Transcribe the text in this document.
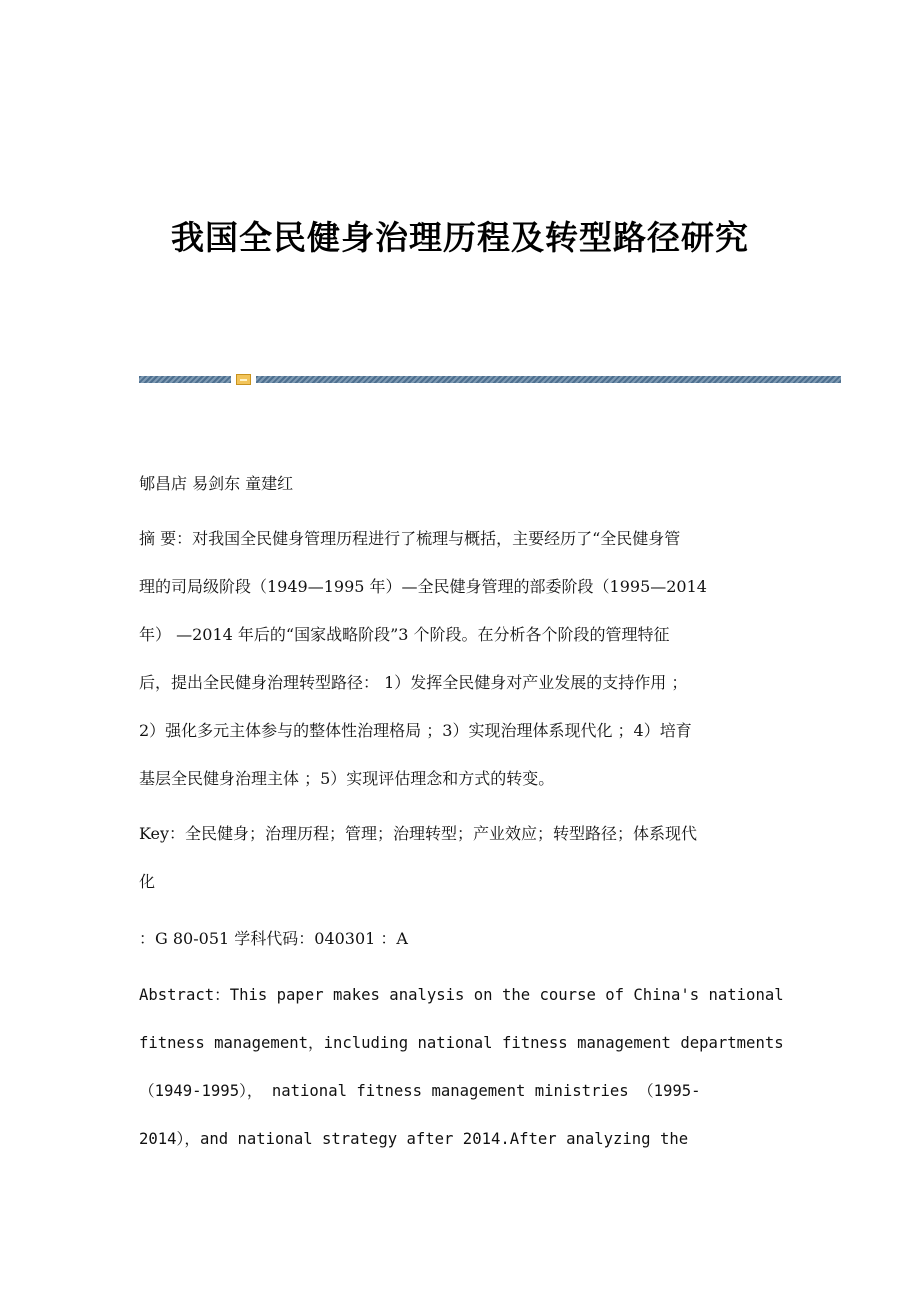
我国全民健身治理历程及转型路径研究
郇昌店 易剑东 童建红
摘 要：对我国全民健身管理历程进行了梳理与概括，主要经历了“全民健身管
理的司局级阶段（1949—1995 年）—全民健身管理的部委阶段（1995—2014
年） —2014 年后的“国家战略阶段”3 个阶段。在分析各个阶段的管理特征
后，提出全民健身治理转型路径： 1）发挥全民健身对产业发展的支持作用 ；
2）强化多元主体参与的整体性治理格局 ；3）实现治理体系现代化 ；4）培育
基层全民健身治理主体 ；5）实现评估理念和方式的转变。
Key：全民健身；治理历程；管理；治理转型；产业效应；转型路径；体系现代
化
：G 80-051 学科代码：040301 ：A
Abstract：This paper makes analysis on the course of China's national
fitness management，including national fitness management departments
（1949-1995）， national fitness management ministries （1995-
2014），and national strategy after 2014.After analyzing the
